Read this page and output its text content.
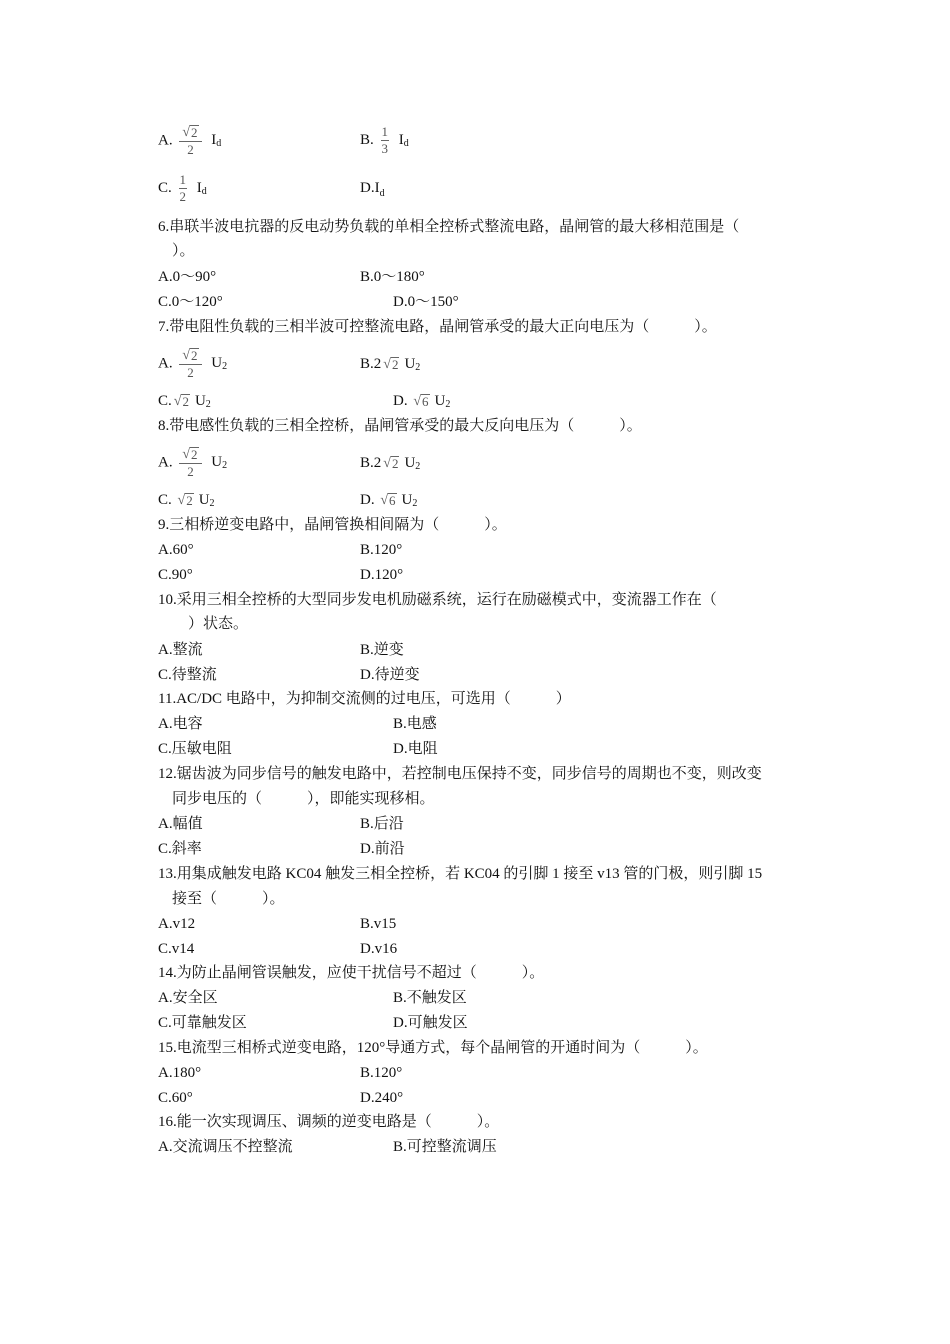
A. $\frac{√ 2}{2} I_d$	B. $\frac{1}{3} I_d$
C. $\frac{1}{2} I_d$	$D.I_d$
6.串联半波电抗器的反电动势负载的单相全控桥式整流电路，晶闸管的最大移相范围是（
）。
A.0～90°	B.0～180°
C.0～120°	D.0～150°
7.带电阻性负载的三相半波可控整流电路，晶闸管承受的最大正向电压为（　　　）。
A. $\frac{√ 2}{2} U_2$	B.2 √ 2 $U_2$
C. √ 2 $U_2$	D. √ 6 $U_2$
8.带电感性负载的三相全控桥，晶闸管承受的最大反向电压为（　　　）。
A. $\frac{√ 2}{2} U_2$	B.2 √ 2 $U_2$
C. √ 2 $U_2$	D. √ 6 $U_2$
9.三相桥逆变电路中，晶闸管换相间隔为（　　　）。
A.60°	B.120°
C.90°	D.120°
10.采用三相全控桥的大型同步发电机励磁系统，运行在励磁模式中，变流器工作在（
）状态。
A.整流	B.逆变
C.待整流	D.待逆变
11.AC/DC 电路中，为抑制交流侧的过电压，可选用（　　　）
A.电容	B.电感
C.压敏电阻	D.电阻
12.锯齿波为同步信号的触发电路中，若控制电压保持不变，同步信号的周期也不变，则改变
同步电压的（　　　），即能实现移相。
A.幅值	B.后沿
C.斜率	D.前沿
13.用集成触发电路 KC04 触发三相全控桥，若 KC04 的引脚 1 接至 v13 管的门极，则引脚 15
接至（　　　）。
A.v12	B.v15
C.v14	D.v16
14.为防止晶闸管误触发，应使干扰信号不超过（　　　）。
A.安全区	B.不触发区
C.可靠触发区	D.可触发区
15.电流型三相桥式逆变电路，120°导通方式，每个晶闸管的开通时间为（　　　）。
A.180°	B.120°
C.60°	D.240°
16.能一次实现调压、调频的逆变电路是（　　　）。
A.交流调压不控整流	B.可控整流调压
